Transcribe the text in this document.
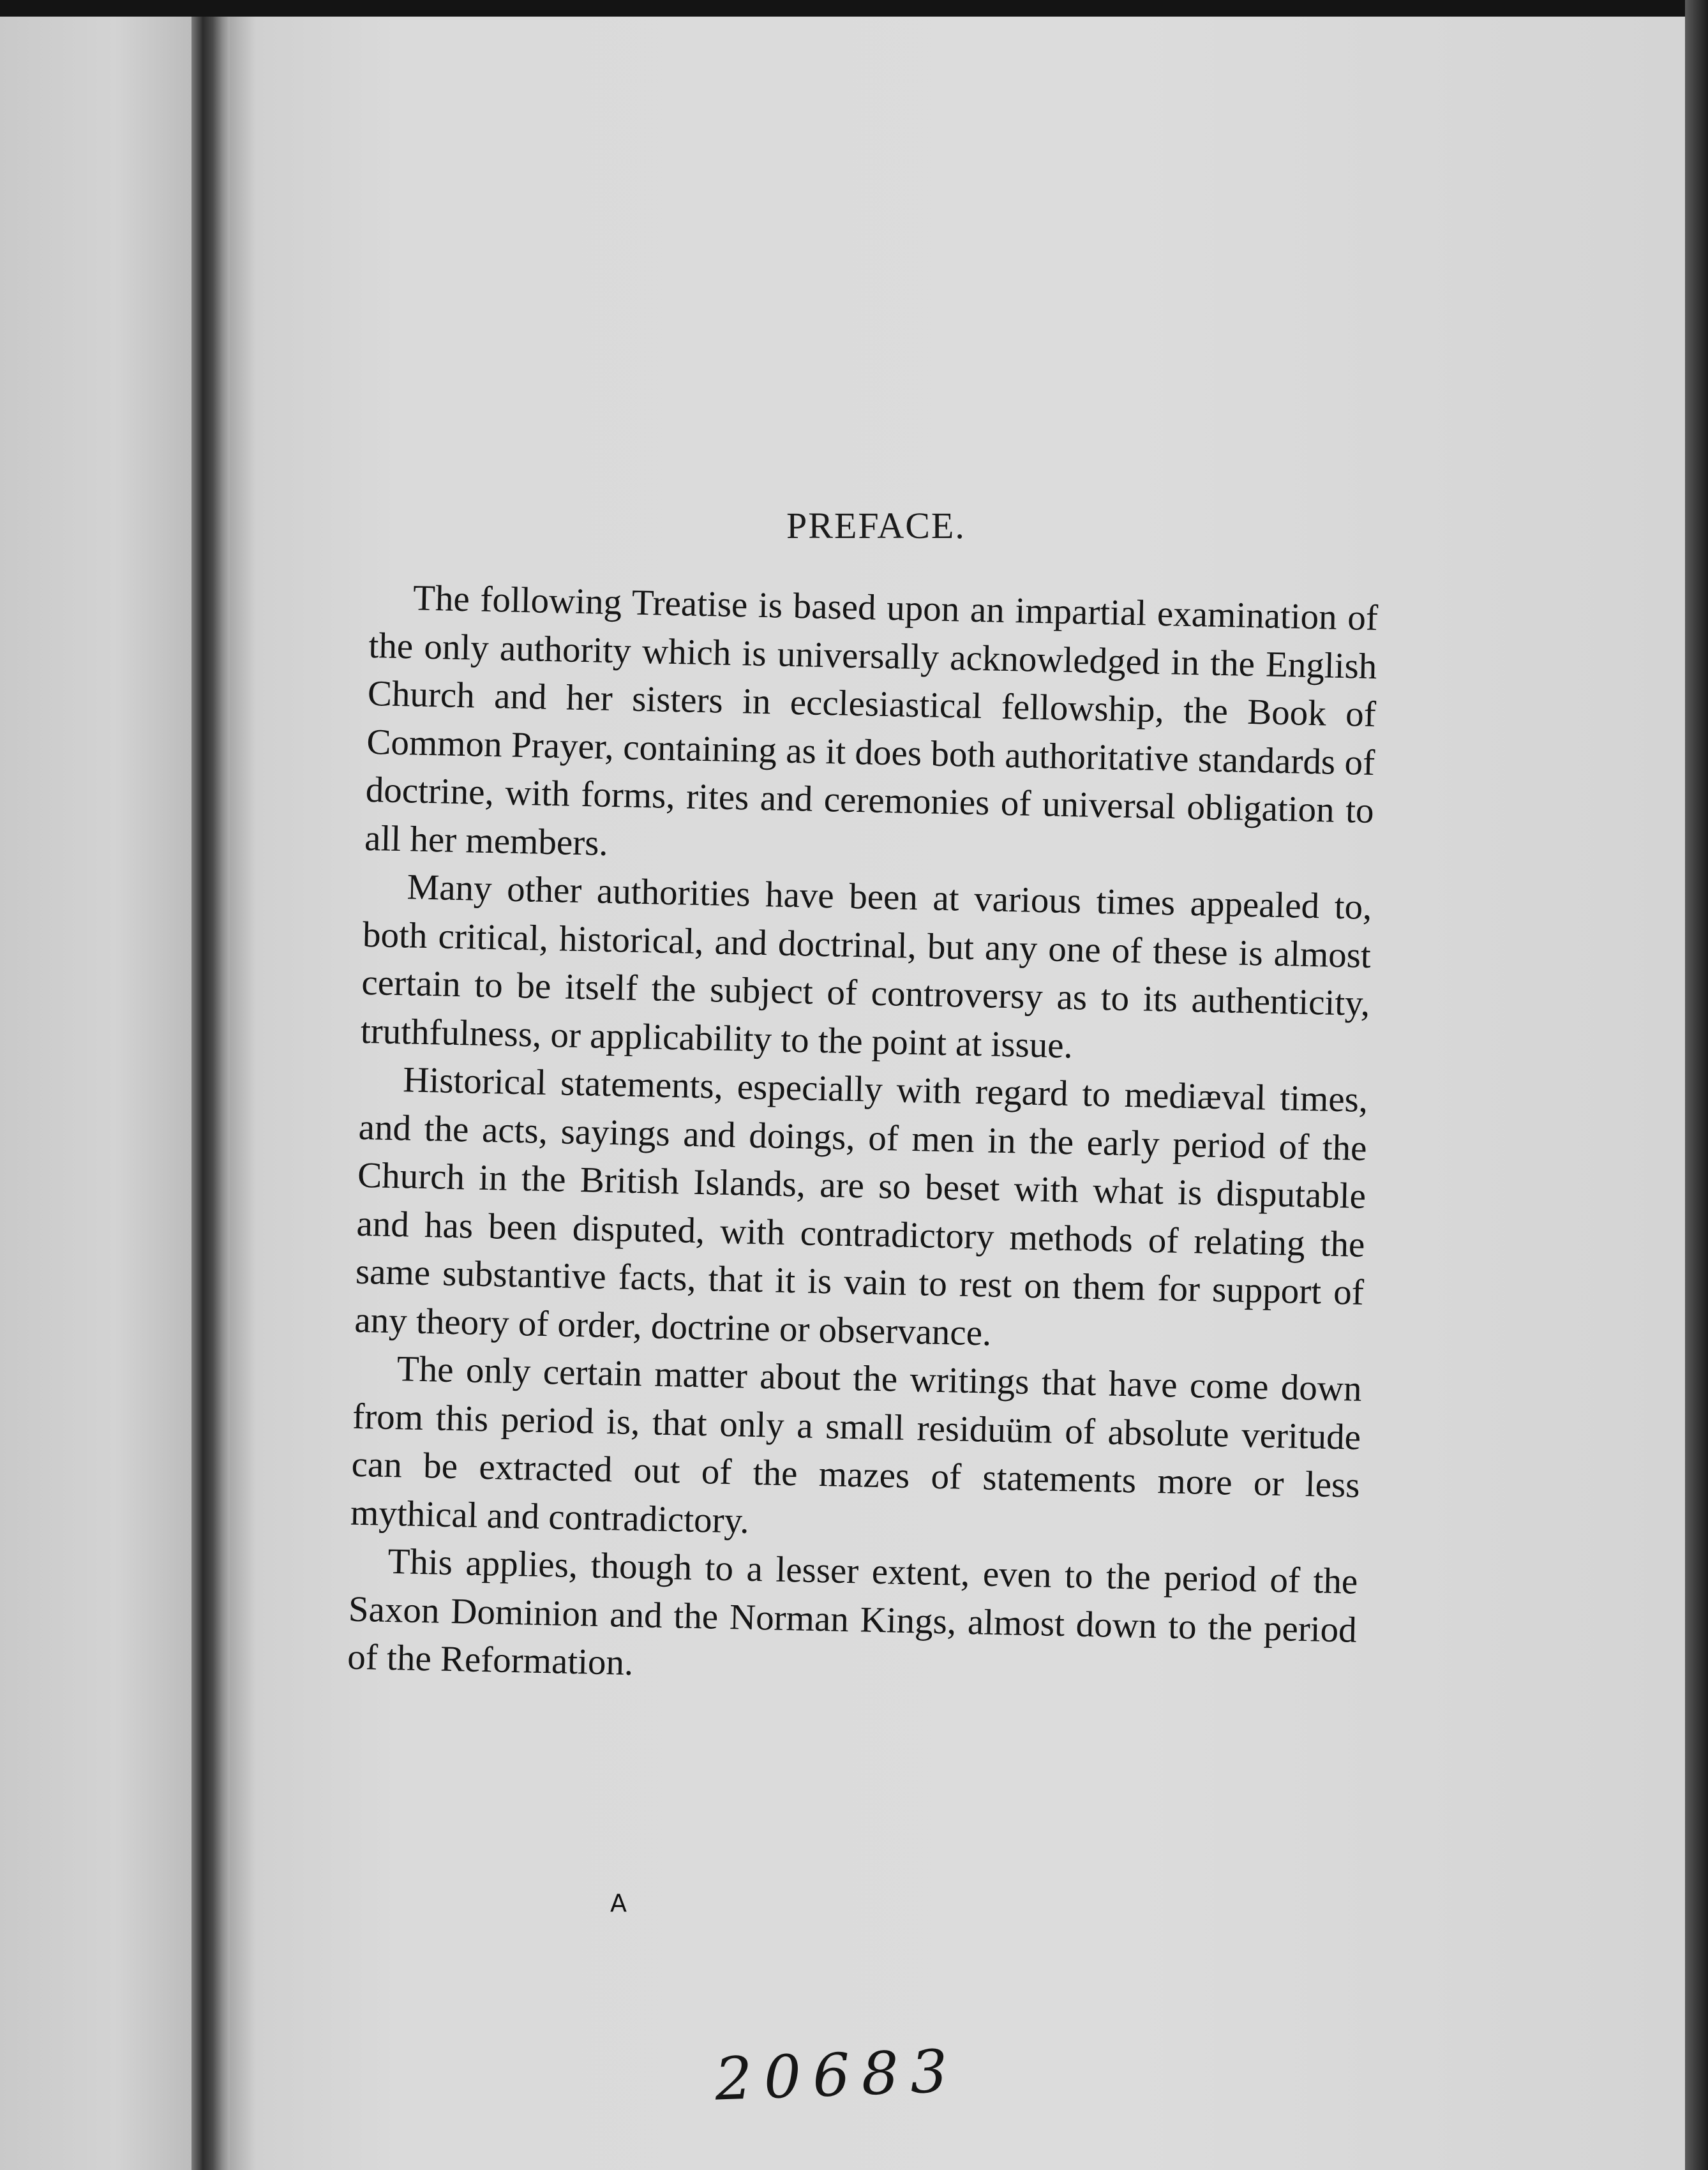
PREFACE.

The following Treatise is based upon an impartial examination of the only authority which is universally acknowledged in the English Church and her sisters in ecclesiastical fellowship, the Book of Common Prayer, containing as it does both authoritative standards of doctrine, with forms, rites and ceremonies of universal obligation to all her members.

Many other authorities have been at various times appealed to, both critical, historical, and doctrinal, but any one of these is almost certain to be itself the subject of controversy as to its authenticity, truthfulness, or applicability to the point at issue.

Historical statements, especially with regard to mediæval times, and the acts, sayings and doings, of men in the early period of the Church in the British Islands, are so beset with what is disputable and has been disputed, with contradictory methods of relating the same substantive facts, that it is vain to rest on them for support of any theory of order, doctrine or observance.

The only certain matter about the writings that have come down from this period is, that only a small residuüm of absolute veritude can be extracted out of the mazes of statements more or less mythical and contradictory.

This applies, though to a lesser extent, even to the period of the Saxon Dominion and the Norman Kings, almost down to the period of the Reformation.

A
20683
